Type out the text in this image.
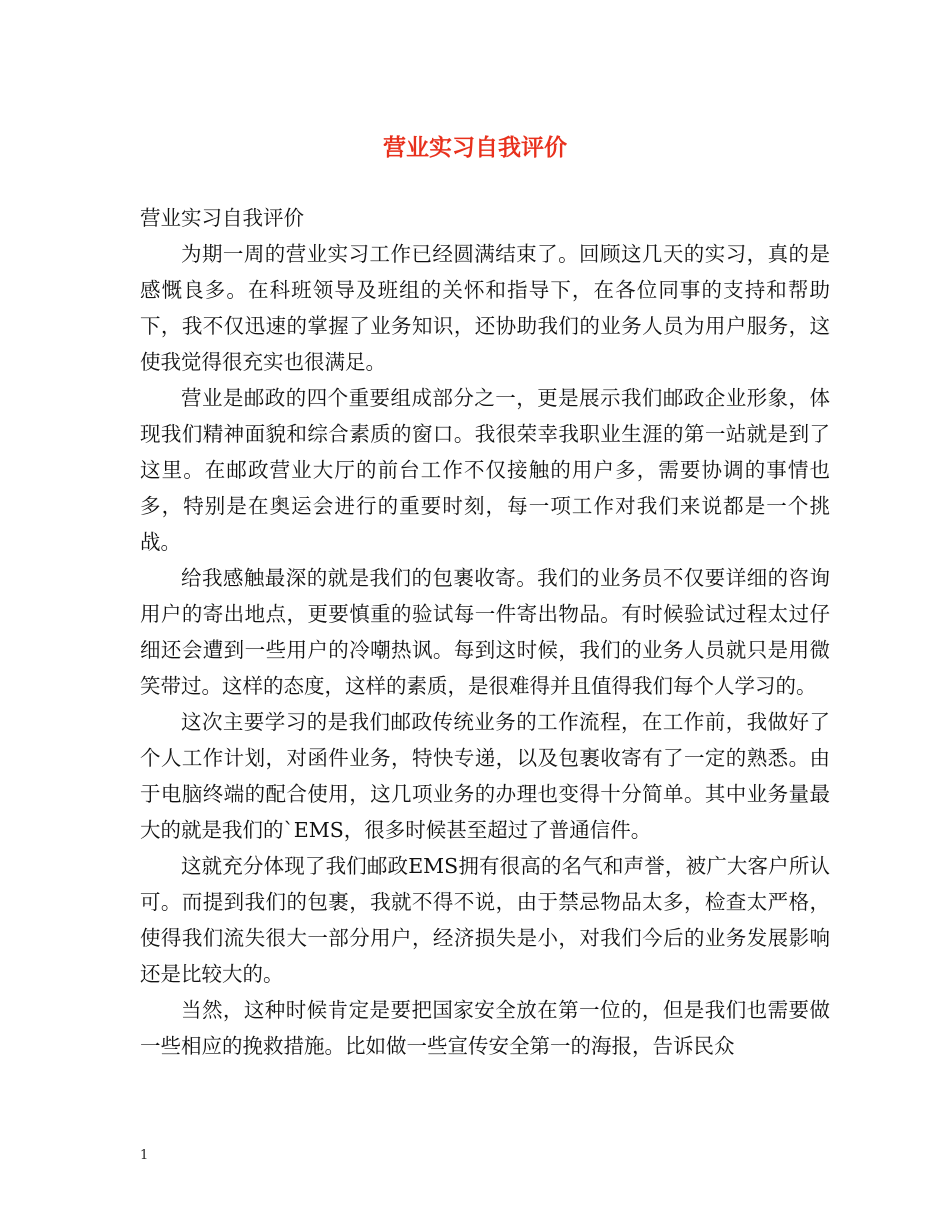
营业实习自我评价

营业实习自我评价

为期一周的营业实习工作已经圆满结束了。回顾这几天的实习，真的是感慨良多。在科班领导及班组的关怀和指导下，在各位同事的支持和帮助下，我不仅迅速的掌握了业务知识，还协助我们的业务人员为用户服务，这使我觉得很充实也很满足。

营业是邮政的四个重要组成部分之一，更是展示我们邮政企业形象，体现我们精神面貌和综合素质的窗口。我很荣幸我职业生涯的第一站就是到了这里。在邮政营业大厅的前台工作不仅接触的用户多，需要协调的事情也多，特别是在奥运会进行的重要时刻，每一项工作对我们来说都是一个挑战。

给我感触最深的就是我们的包裹收寄。我们的业务员不仅要详细的咨询用户的寄出地点，更要慎重的验试每一件寄出物品。有时候验试过程太过仔细还会遭到一些用户的冷嘲热讽。每到这时候，我们的业务人员就只是用微笑带过。这样的态度，这样的素质，是很难得并且值得我们每个人学习的。

这次主要学习的是我们邮政传统业务的工作流程，在工作前，我做好了个人工作计划，对函件业务，特快专递，以及包裹收寄有了一定的熟悉。由于电脑终端的配合使用，这几项业务的办理也变得十分简单。其中业务量最大的就是我们的`EMS，很多时候甚至超过了普通信件。

这就充分体现了我们邮政EMS拥有很高的名气和声誉，被广大客户所认可。而提到我们的包裹，我就不得不说，由于禁忌物品太多，检查太严格，使得我们流失很大一部分用户，经济损失是小，对我们今后的业务发展影响还是比较大的。

当然，这种时候肯定是要把国家安全放在第一位的，但是我们也需要做一些相应的挽救措施。比如做一些宣传安全第一的海报，告诉民众

1
